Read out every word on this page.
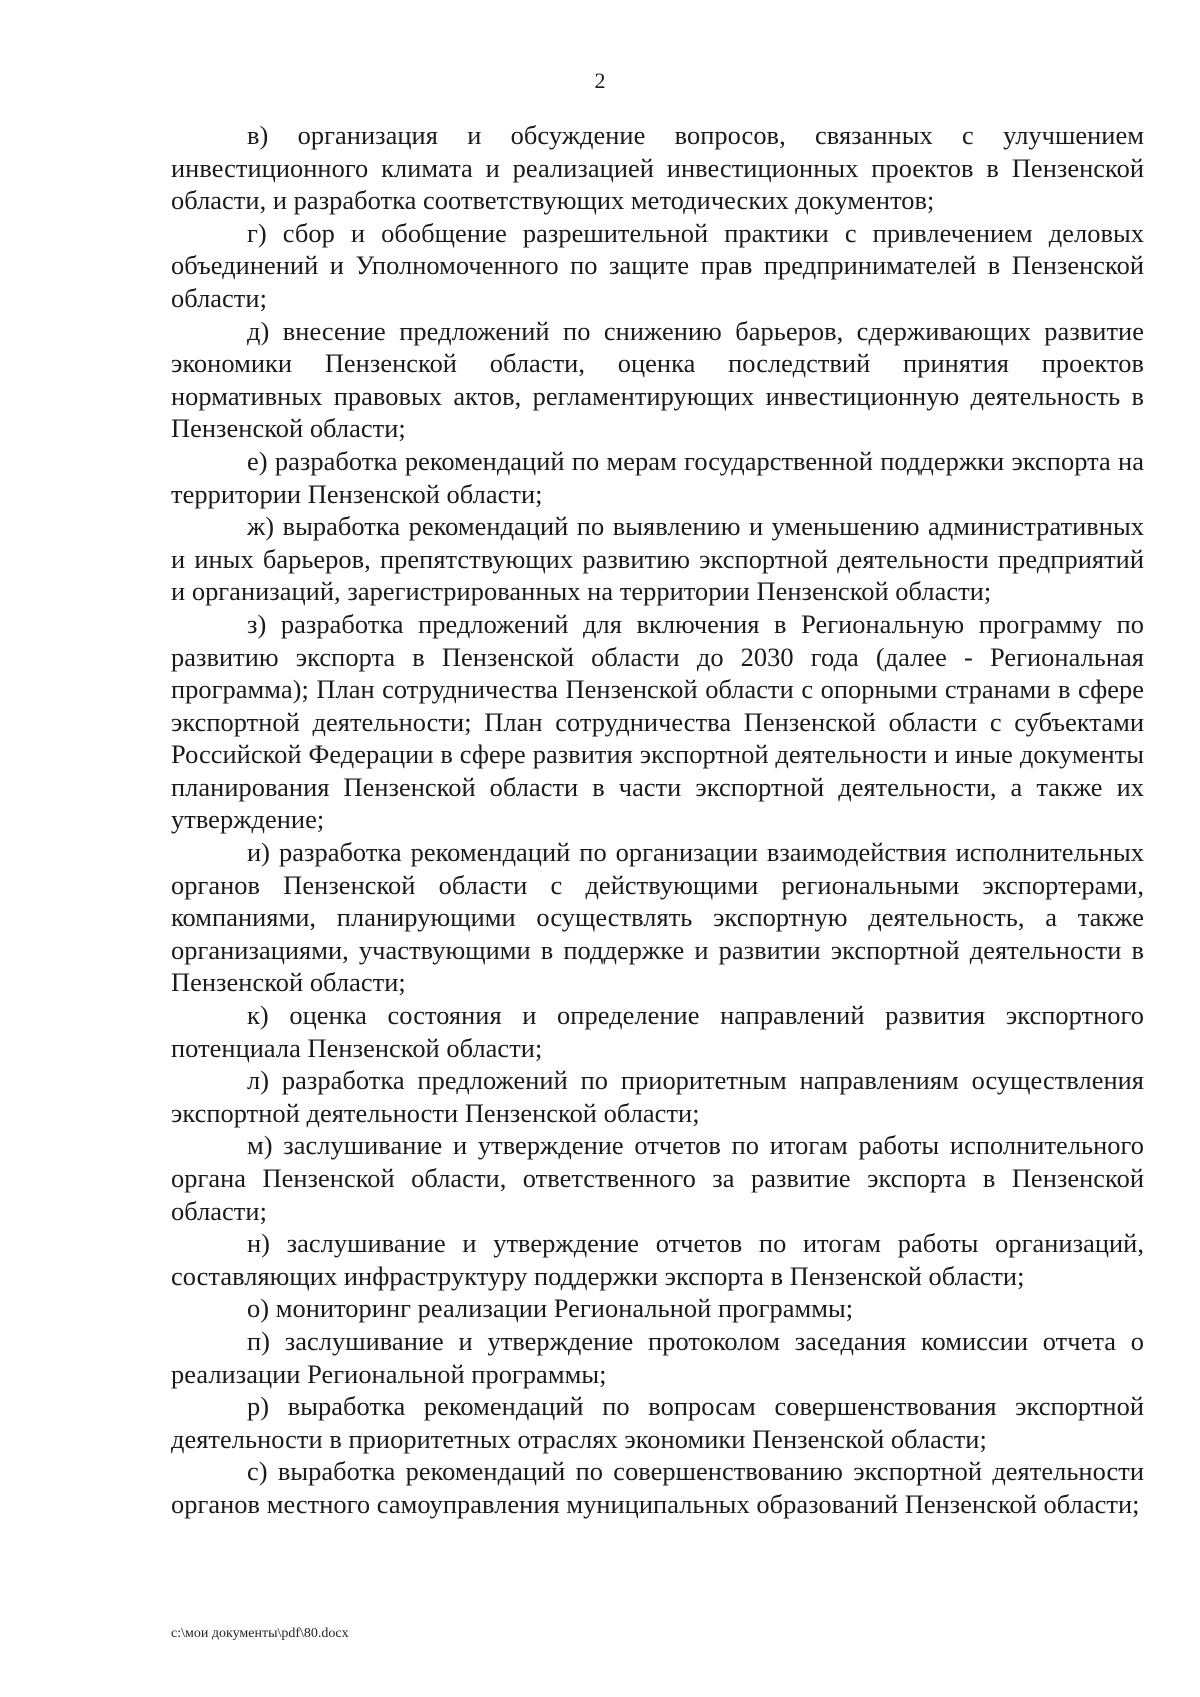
2

в) организация и обсуждение вопросов, связанных с улучшением инвестиционного климата и реализацией инвестиционных проектов в Пензенской области, и разработка соответствующих методических документов;

г) сбор и обобщение разрешительной практики с привлечением деловых объединений и Уполномоченного по защите прав предпринимателей в Пензенской области;

д) внесение предложений по снижению барьеров, сдерживающих развитие экономики Пензенской области, оценка последствий принятия проектов нормативных правовых актов, регламентирующих инвестиционную деятельность в Пензенской области;

е) разработка рекомендаций по мерам государственной поддержки экспорта на территории Пензенской области;

ж) выработка рекомендаций по выявлению и уменьшению административных и иных барьеров, препятствующих развитию экспортной деятельности предприятий и организаций, зарегистрированных на территории Пензенской области;

з) разработка предложений для включения в Региональную программу по развитию экспорта в Пензенской области до 2030 года (далее - Региональная программа); План сотрудничества Пензенской области с опорными странами в сфере экспортной деятельности; План сотрудничества Пензенской области с субъектами Российской Федерации в сфере развития экспортной деятельности и иные документы планирования Пензенской области в части экспортной деятельности, а также их утверждение;

и) разработка рекомендаций по организации взаимодействия исполнительных органов Пензенской области с действующими региональными экспортерами, компаниями, планирующими осуществлять экспортную деятельность, а также организациями, участвующими в поддержке и развитии экспортной деятельности в Пензенской области;

к) оценка состояния и определение направлений развития экспортного потенциала Пензенской области;

л) разработка предложений по приоритетным направлениям осуществления экспортной деятельности Пензенской области;

м) заслушивание и утверждение отчетов по итогам работы исполнительного органа Пензенской области, ответственного за развитие экспорта в Пензенской области;

н) заслушивание и утверждение отчетов по итогам работы организаций, составляющих инфраструктуру поддержки экспорта в Пензенской области;

о) мониторинг реализации Региональной программы;

п) заслушивание и утверждение протоколом заседания комиссии отчета о реализации Региональной программы;

р) выработка рекомендаций по вопросам совершенствования экспортной деятельности в приоритетных отраслях экономики Пензенской области;

с) выработка рекомендаций по совершенствованию экспортной деятельности органов местного самоуправления муниципальных образований Пензенской области;

c:\мои документы\pdf\80.docx
